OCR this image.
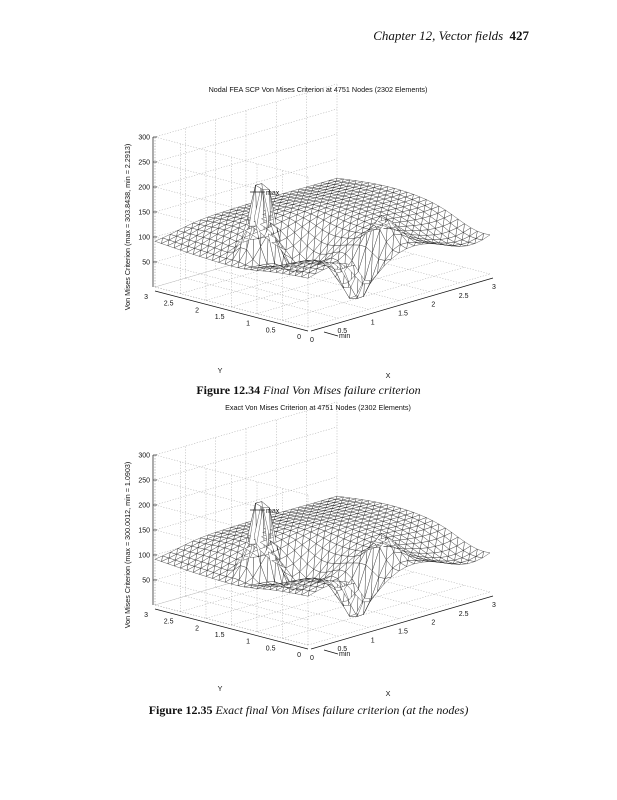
Chapter 12, Vector fields 427
Nodal FEA SCP Von Mises Criterion at 4751 Nodes (2302 Elements)
50
100
150
200
250
300
0
0.5
1
1.5
2
2.5
3
0
0.5
1
1.5
2
2.5
3
Von Mises Criterion (max = 303.8438, min = 2.2913)
Y
X
max
min
Figure 12.34 Final Von Mises failure criterion
Exact Von Mises Criterion at 4751 Nodes (2302 Elements)
50
100
150
200
250
300
0
0.5
1
1.5
2
2.5
3
0
0.5
1
1.5
2
2.5
3
Von Mises Criterion (max = 300.0012, min = 1.0903)
Y
X
max
min
Figure 12.35 Exact final Von Mises failure criterion (at the nodes)
